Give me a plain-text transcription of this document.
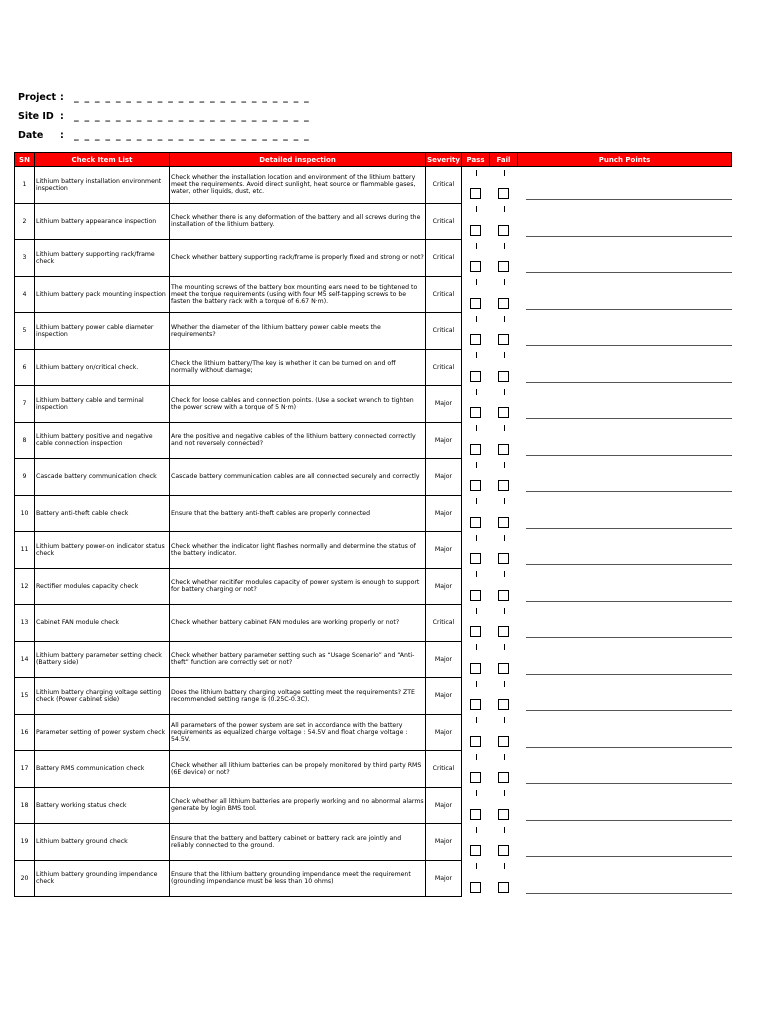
Project : _ _ _ _ _ _ _ _ _ _ _ _ _ _ _ _ _ _ _ _ _ _ _
Site ID : _ _ _ _ _ _ _ _ _ _ _ _ _ _ _ _ _ _ _ _ _ _ _
Date : _ _ _ _ _ _ _ _ _ _ _ _ _ _ _ _ _ _ _ _ _ _ _
SN	Check Item List	Detailed inspection	Severity	Pass	Fail	Punch Points
1	Lithium battery installation environment inspection	Check whether the installation location and environment of the lithium battery meet the requirements. Avoid direct sunlight, heat source or flammable gases, water, other liquids, dust, etc.	Critical	

2	Lithium battery appearance inspection	Check whether there is any deformation of the battery and all screws during the installation of the lithium battery.	Critical	

3	Lithium battery supporting rack/frame check	Check whether battery supporting rack/frame is properly fixed and strong or not?	Critical	

4	Lithium battery pack mounting inspection	The mounting screws of the battery box mounting ears need to be tightened to meet the torque requirements (using with four M5 self-tapping screws to be fasten the battery rack with a torque of 6.67 N·m).	Critical	

5	Lithium battery power cable diameter inspection	Whether the diameter of the lithium battery power cable meets the requirements?	Critical	

6	Lithium battery on/critical check.	Check the lithium battery/The key is whether it can be turned on and off normally without damage;	Critical	

7	Lithium battery cable and terminal inspection	Check for loose cables and connection points. (Use a socket wrench to tighten the power screw with a torque of 5 N·m)	Major	

8	Lithium battery positive and negative cable connection inspection	Are the positive and negative cables of the lithium battery connected correctly and not reversely connected?	Major	

9	Cascade battery communication check	Cascade battery communication cables are all connected securely and correctly	Major	

10	Battery anti-theft cable check	Ensure that the battery anti-theft cables are properly connected	Major	

11	Lithium battery power-on indicator status check	Check whether the indicator light flashes normally and determine the status of the battery indicator.	Major	

12	Rectifier modules capacity check	Check whether recitifer modules capacity of power system is enough to support for battery charging or not?	Major	

13	Cabinet FAN module check	Check whether battery cabinet FAN modules are working properly or not?	Critical	

14	Lithium battery parameter setting check (Battery side)	Check whether battery parameter setting such as “Usage Scenario” and “Anti-theft” function are correctly set or not?	Major	

15	Lithium battery charging voltage setting check (Power cabinet side)	Does the lithium battery charging voltage setting meet the requirements? ZTE recommended setting range is (0.25C-0.3C).	Major	

16	Parameter setting of power system check	All parameters of the power system are set in accordance with the battery requirements as equalized charge voltage : 54.5V and float charge voltage : 54.5V.	Major	

17	Battery RMS communication check	Check whether all lithium batteries can be propely monitored by third party RMS (6E device) or not?	Critical	

18	Battery working status check	Check whether all lithium batteries are properly working and no abnormal alarms generate by login BMS tool.	Major	

19	Lithium battery ground check	Ensure that the battery and battery cabinet or battery rack are jointly and reliably connected to the ground.	Major	

20	Lithium battery grounding impendance check	Ensure that the lithium battery grounding impendance meet the requirement (grounding impendance must be less than 10 ohms)	Major	
